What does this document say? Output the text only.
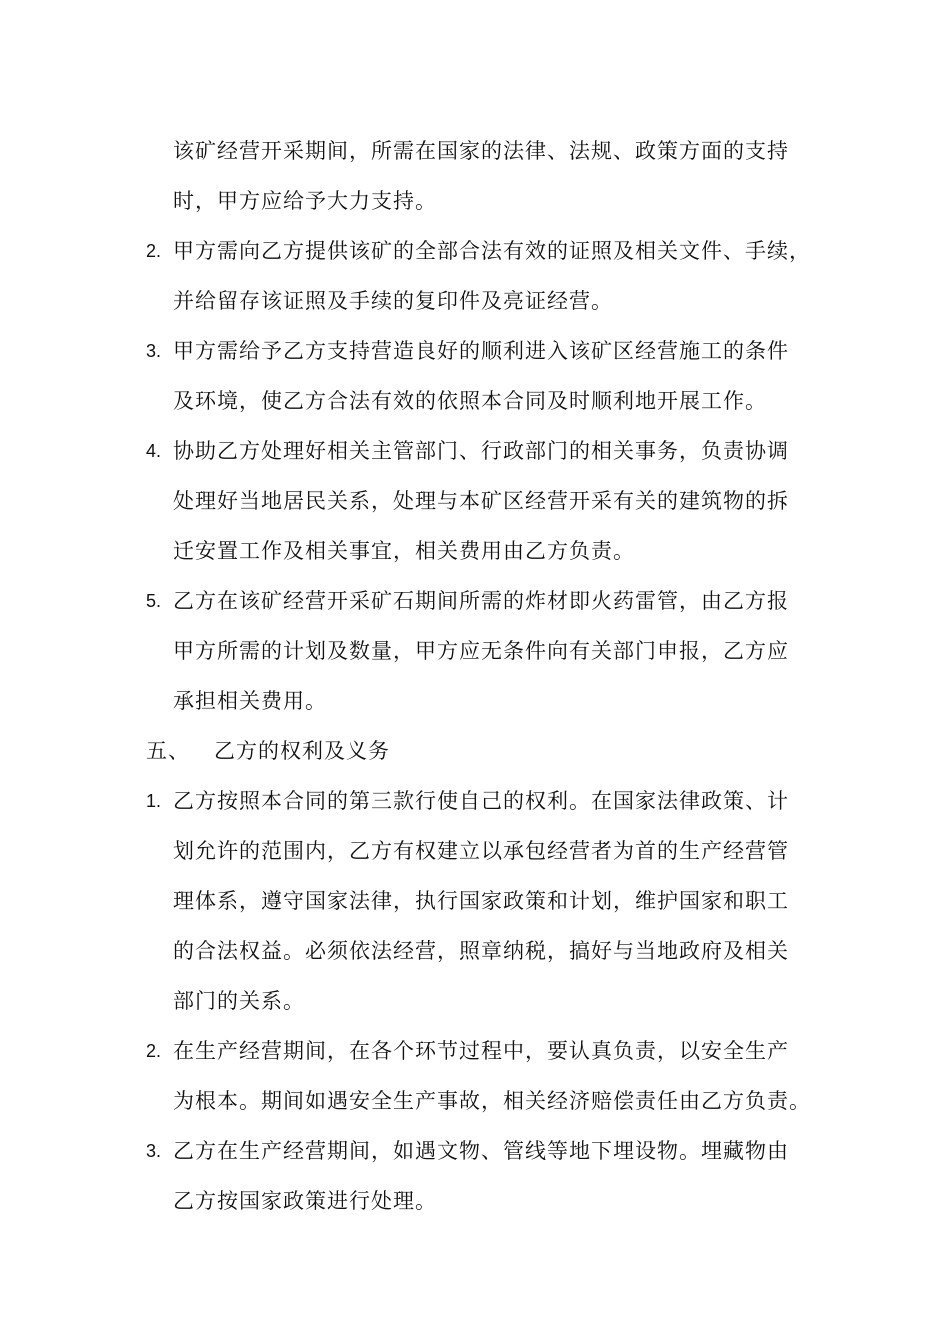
该矿经营开采期间，所需在国家的法律、法规、政策方面的支持
时，甲方应给予大力支持。
2. 甲方需向乙方提供该矿的全部合法有效的证照及相关文件、手续，
并给留存该证照及手续的复印件及亮证经营。
3. 甲方需给予乙方支持营造良好的顺利进入该矿区经营施工的条件
及环境，使乙方合法有效的依照本合同及时顺利地开展工作。
4. 协助乙方处理好相关主管部门、行政部门的相关事务，负责协调
处理好当地居民关系，处理与本矿区经营开采有关的建筑物的拆
迁安置工作及相关事宜，相关费用由乙方负责。
5. 乙方在该矿经营开采矿石期间所需的炸材即火药雷管，由乙方报
甲方所需的计划及数量，甲方应无条件向有关部门申报，乙方应
承担相关费用。
五、 乙方的权利及义务
1. 乙方按照本合同的第三款行使自己的权利。在国家法律政策、计
划允许的范围内，乙方有权建立以承包经营者为首的生产经营管
理体系，遵守国家法律，执行国家政策和计划，维护国家和职工
的合法权益。必须依法经营，照章纳税，搞好与当地政府及相关
部门的关系。
2. 在生产经营期间，在各个环节过程中，要认真负责，以安全生产
为根本。期间如遇安全生产事故，相关经济赔偿责任由乙方负责。
3. 乙方在生产经营期间，如遇文物、管线等地下埋设物。埋藏物由
乙方按国家政策进行处理。
